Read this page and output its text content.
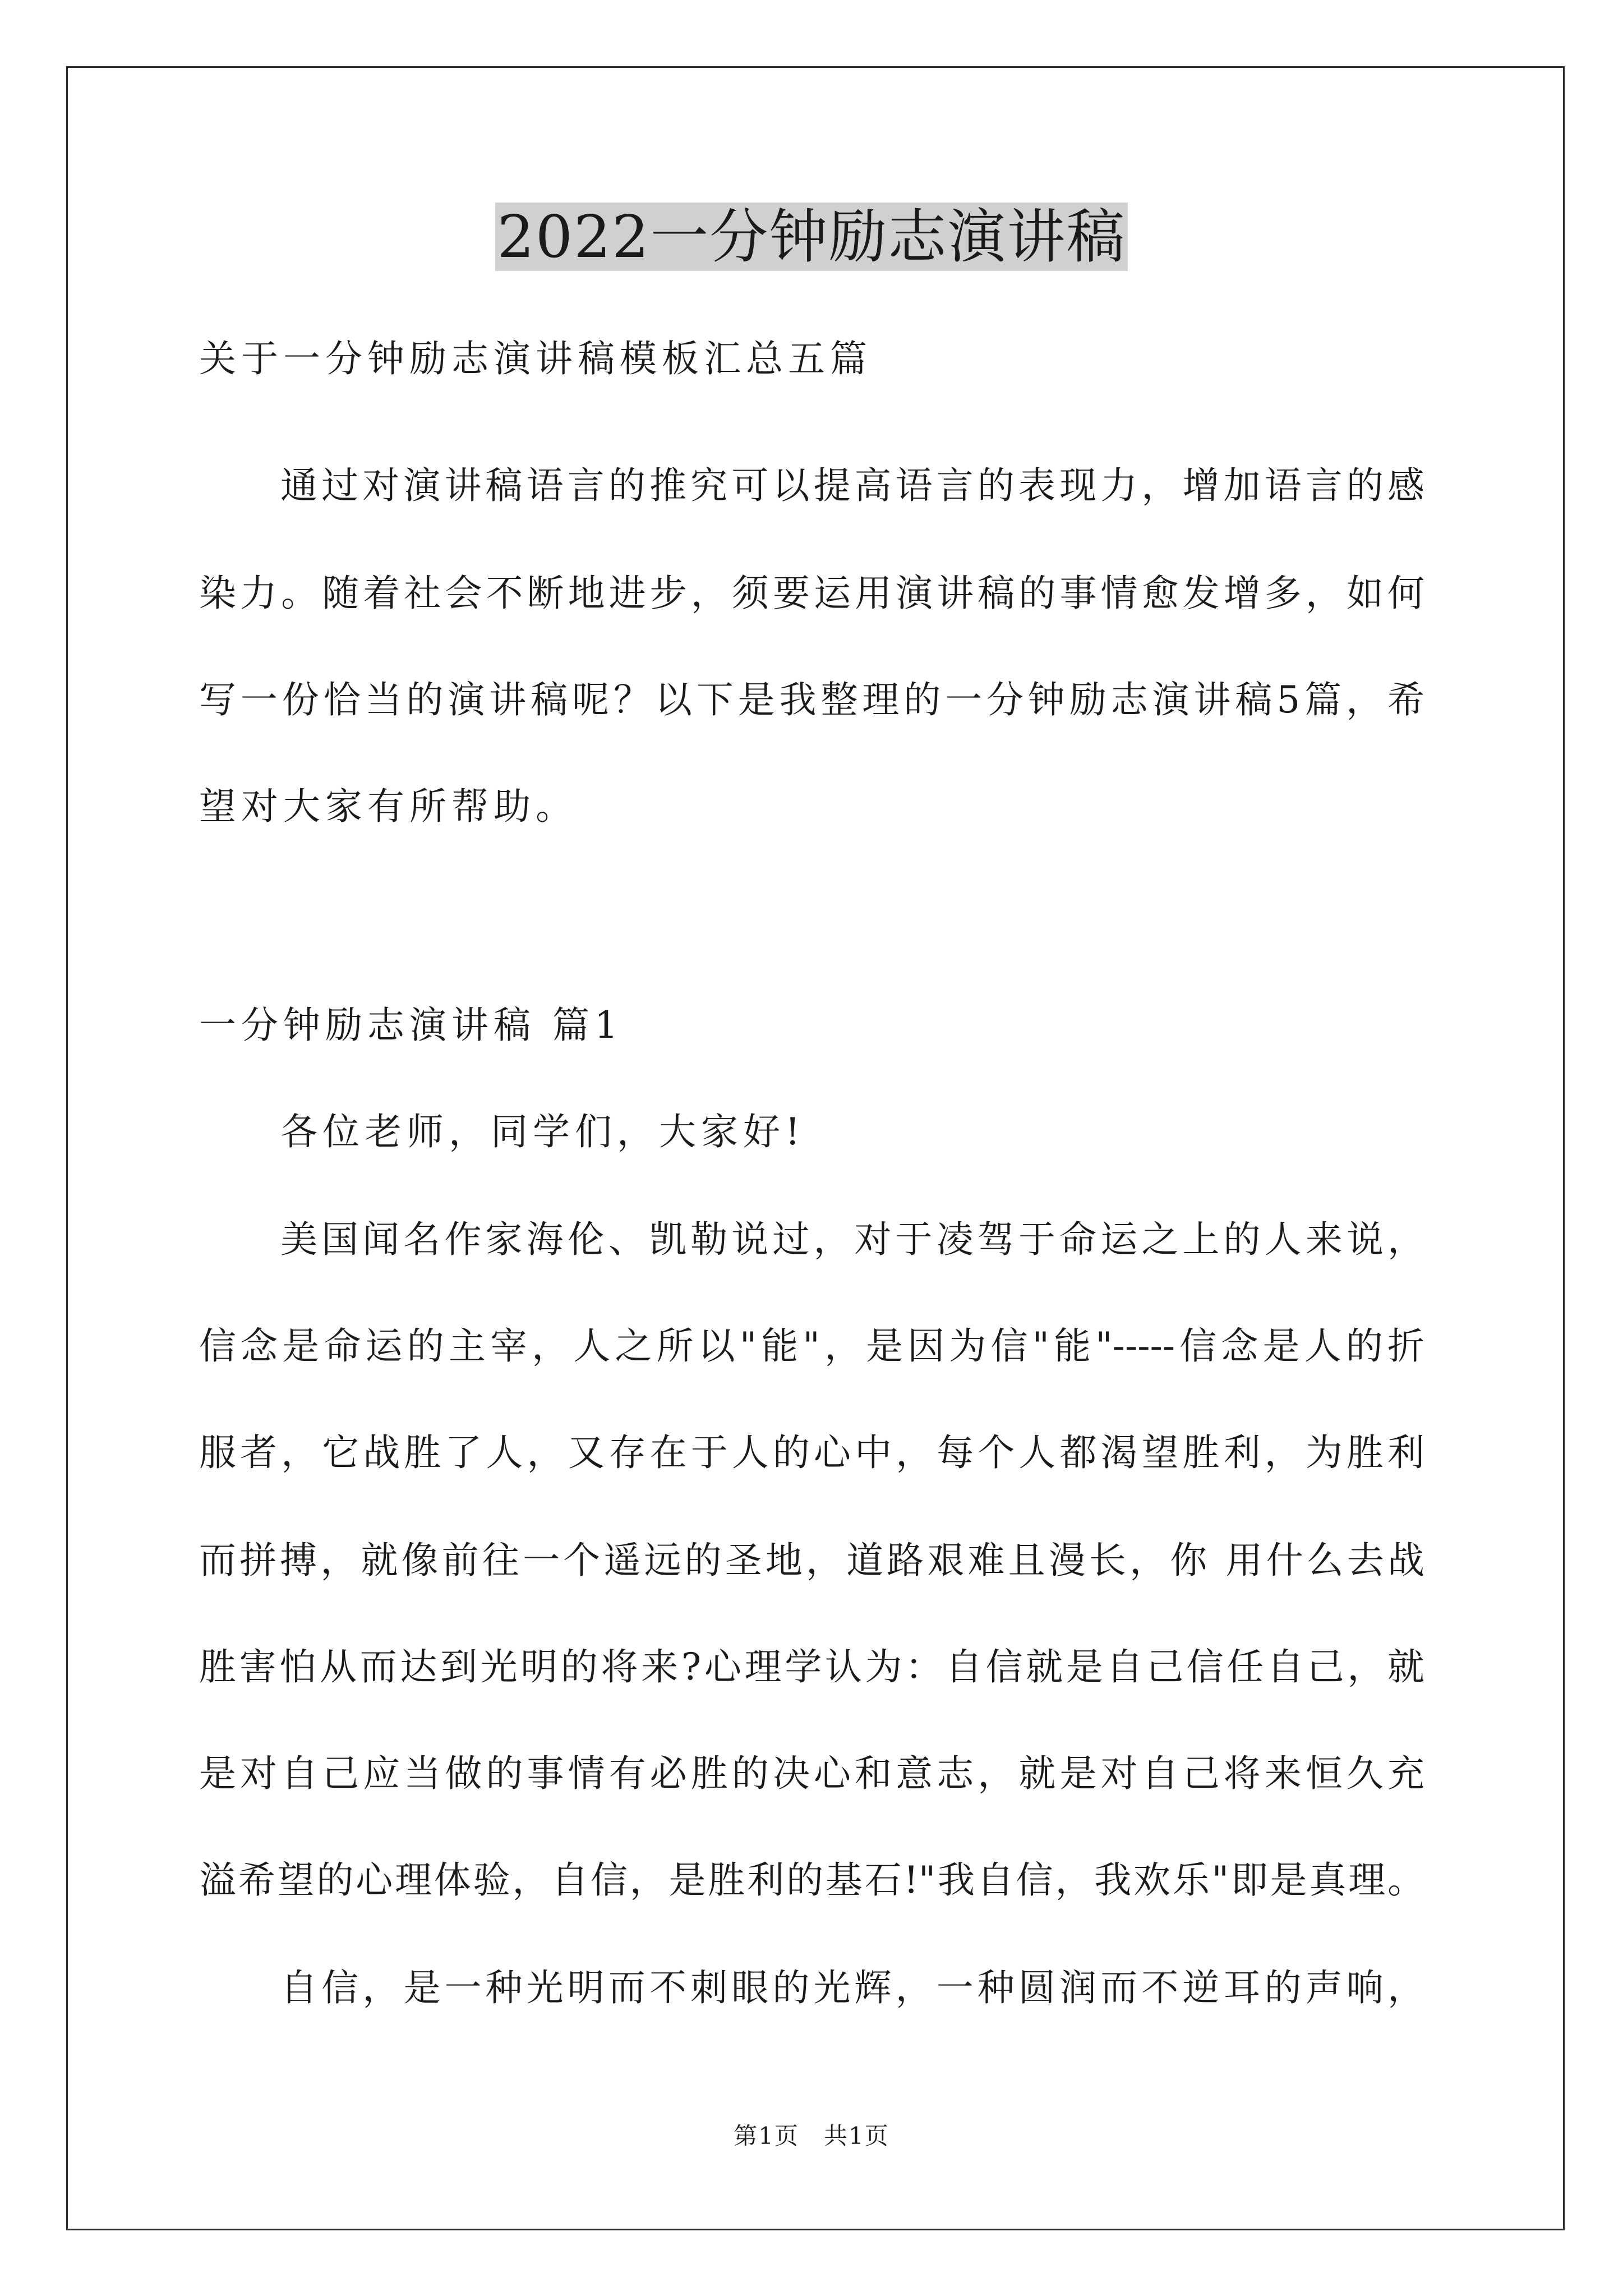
2022一分钟励志演讲稿

关于一分钟励志演讲稿模板汇总五篇

通过对演讲稿语言的推究可以提高语言的表现力，增加语言的感

染力。随着社会不断地进步，须要运用演讲稿的事情愈发增多，如何

写一份恰当的演讲稿呢？以下是我整理的一分钟励志演讲稿5篇，希

望对大家有所帮助。

一分钟励志演讲稿 篇1

各位老师，同学们，大家好!

美国闻名作家海伦、凯勒说过，对于凌驾于命运之上的人来说，

信念是命运的主宰，人之所以"能"，是因为信"能"-----信念是人的折

服者，它战胜了人，又存在于人的心中，每个人都渴望胜利，为胜利

而拼搏，就像前往一个遥远的圣地，道路艰难且漫长，你 用什么去战

胜害怕从而达到光明的将来?心理学认为：自信就是自己信任自己，就

是对自己应当做的事情有必胜的决心和意志，就是对自己将来恒久充

溢希望的心理体验，自信，是胜利的基石!"我自信，我欢乐"即是真理。

自信，是一种光明而不刺眼的光辉，一种圆润而不逆耳的声响，

第1页　共1页
